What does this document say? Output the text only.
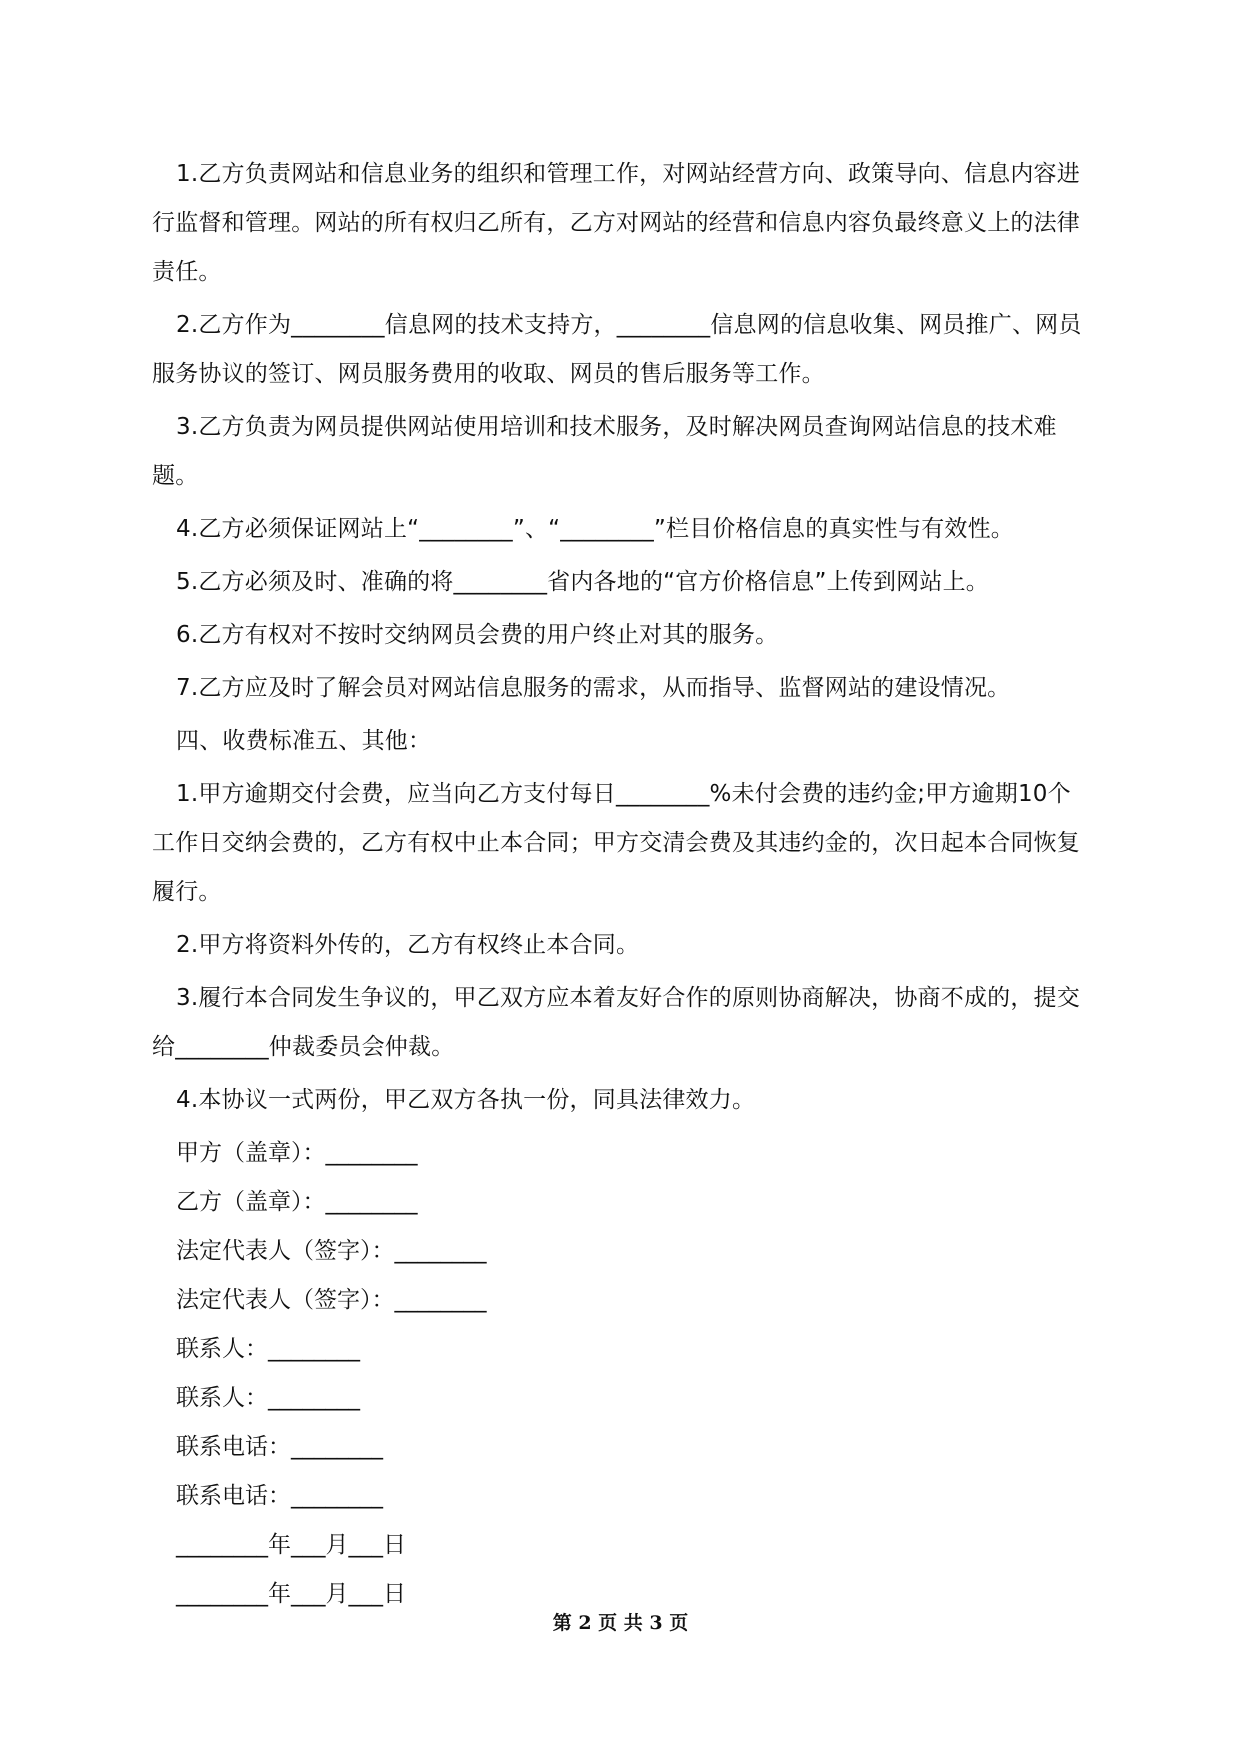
1.乙方负责网站和信息业务的组织和管理工作，对网站经营方向、政策导向、信息内容进行监督和管理。网站的所有权归乙所有，乙方对网站的经营和信息内容负最终意义上的法律责任。

2.乙方作为________信息网的技术支持方，________信息网的信息收集、网员推广、网员服务协议的签订、网员服务费用的收取、网员的售后服务等工作。

3.乙方负责为网员提供网站使用培训和技术服务，及时解决网员查询网站信息的技术难题。

4.乙方必须保证网站上“________”、“________”栏目价格信息的真实性与有效性。

5.乙方必须及时、准确的将________省内各地的“官方价格信息”上传到网站上。

6.乙方有权对不按时交纳网员会费的用户终止对其的服务。

7.乙方应及时了解会员对网站信息服务的需求，从而指导、监督网站的建设情况。

四、收费标准五、其他：

1.甲方逾期交付会费，应当向乙方支付每日________%未付会费的违约金;甲方逾期10个工作日交纳会费的，乙方有权中止本合同；甲方交清会费及其违约金的，次日起本合同恢复履行。

2.甲方将资料外传的，乙方有权终止本合同。

3.履行本合同发生争议的，甲乙双方应本着友好合作的原则协商解决，协商不成的，提交给________仲裁委员会仲裁。

4.本协议一式两份，甲乙双方各执一份，同具法律效力。

甲方（盖章）：________

乙方（盖章）：________

法定代表人（签字）：________

法定代表人（签字）：________

联系人：________

联系人：________

联系电话：________

联系电话：________

________年___月___日

________年___月___日

第 2 页 共 3 页
